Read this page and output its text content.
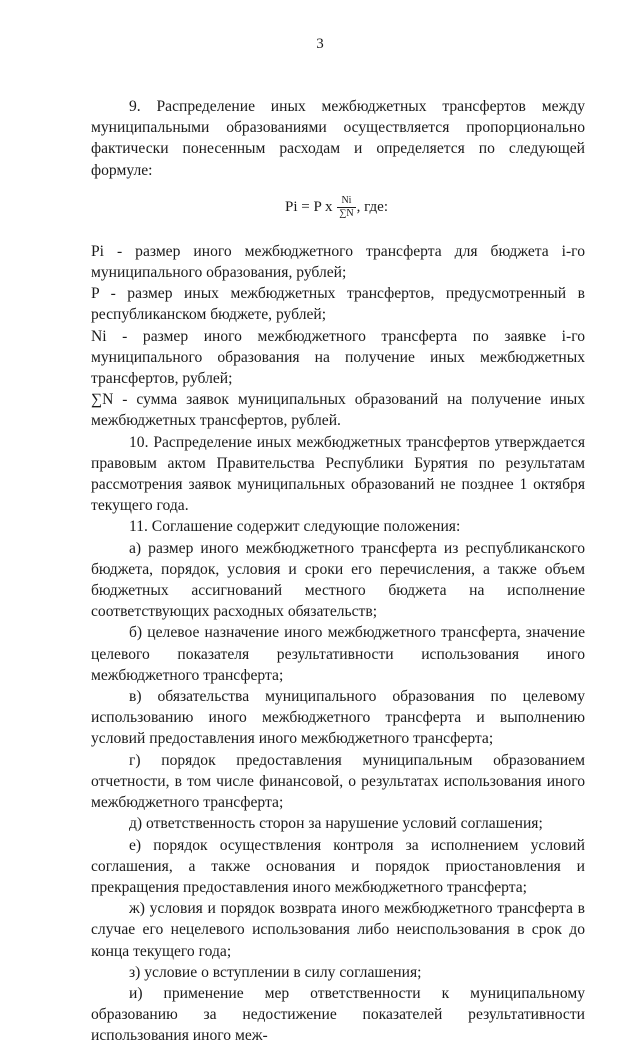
3

9. Распределение иных межбюджетных трансфертов между муниципальными образованиями осуществляется пропорционально фактически понесенным расходам и определяется по следующей формуле:

Pi = P x $\frac{Ni}{\sum N}$ , где:

Pi - размер иного межбюджетного трансферта для бюджета i-го муниципального образования, рублей;

P - размер иных межбюджетных трансфертов, предусмотренный в республиканском бюджете, рублей;

Ni - размер иного межбюджетного трансферта по заявке i-го муниципального образования на получение иных межбюджетных трансфертов, рублей;

∑N - сумма заявок муниципальных образований на получение иных межбюджетных трансфертов, рублей.

10. Распределение иных межбюджетных трансфертов утверждается правовым актом Правительства Республики Бурятия по результатам рассмотрения заявок муниципальных образований не позднее 1 октября текущего года.

11. Соглашение содержит следующие положения:

а) размер иного межбюджетного трансферта из республиканского бюджета, порядок, условия и сроки его перечисления, а также объем бюджетных ассигнований местного бюджета на исполнение соответствующих расходных обязательств;

б) целевое назначение иного межбюджетного трансферта, значение целевого показателя результативности использования иного межбюджетного трансферта;

в) обязательства муниципального образования по целевому использованию иного межбюджетного трансферта и выполнению условий предоставления иного межбюджетного трансферта;

г) порядок предоставления муниципальным образованием отчетности, в том числе финансовой, о результатах использования иного межбюджетного трансферта;

д) ответственность сторон за нарушение условий соглашения;

е) порядок осуществления контроля за исполнением условий соглашения, а также основания и порядок приостановления и прекращения предоставления иного межбюджетного трансферта;

ж) условия и порядок возврата иного межбюджетного трансферта в случае его нецелевого использования либо неиспользования в срок до конца текущего года;

з) условие о вступлении в силу соглашения;

и) применение мер ответственности к муниципальному образованию за недостижение показателей результативности использования иного меж-
